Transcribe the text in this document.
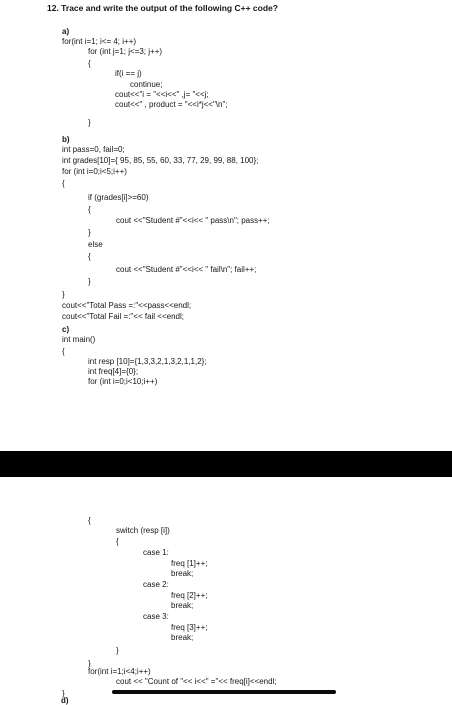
12. Trace and write the output of the following C++ code?
a)
for(int i=1; i<= 4; i++)
for (int j=1; j<=3; j++)
{
if(i == j)
continue;
cout<<"i = "<<i<<" ,j= "<<j;
cout<<" , product = "<<i*j<<"\n";
}
b)
int pass=0, fail=0;
int grades[10]={ 95, 85, 55, 60, 33, 77, 29, 99, 88, 100};
for (int i=0;i<5;i++)
{
if (grades[i]>=60)
{
cout <<"Student #"<<i<< " pass\n"; pass++;
}
else
{
cout <<"Student #"<<i<< " fail\n"; fail++;
}
}
cout<<"Total Pass =:"<<pass<<endl;
cout<<"Total Fail =:"<< fail <<endl;
c)
int main()
{
int resp [10]={1,3,3,2,1,3,2,1,1,2};
int freq[4]={0};
for (int i=0;i<10;i++)
{
switch (resp [i])
{
case 1:
freq [1]++;
break;
case 2:
freq [2]++;
break;
case 3:
freq [3]++;
break;
}
}
for(int i=1;i<4;i++)
cout << "Count of "<< i<<" ="<< freq[i]<<endl;
}
d)
